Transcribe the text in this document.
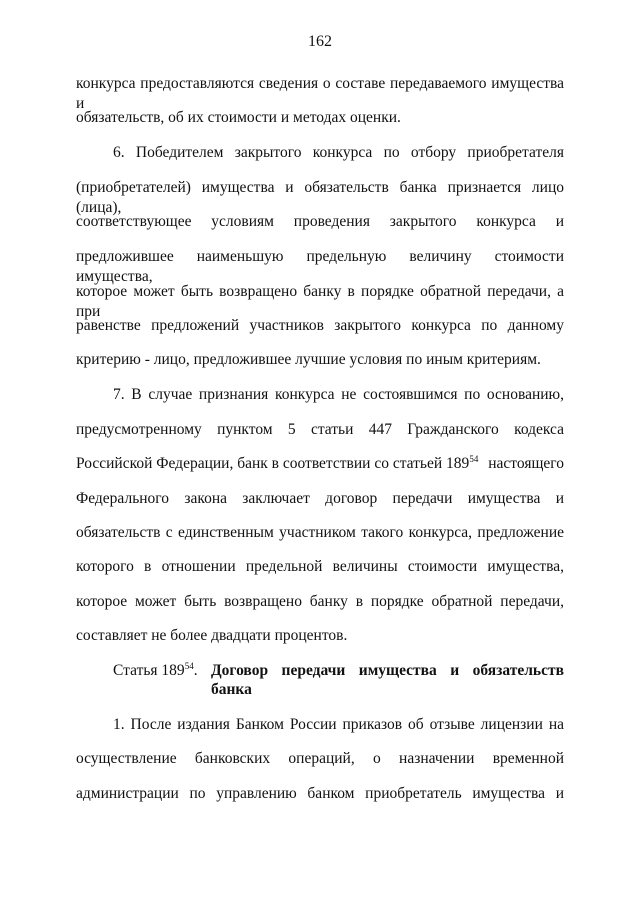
162
конкурса предоставляются сведения о составе передаваемого имущества и
обязательств, об их стоимости и методах оценки.
6. Победителем закрытого конкурса по отбору приобретателя
(приобретателей) имущества и обязательств банка признается лицо (лица),
соответствующее условиям проведения закрытого конкурса и
предложившее наименьшую предельную величину стоимости имущества,
которое может быть возвращено банку в порядке обратной передачи, а при
равенстве предложений участников закрытого конкурса по данному
критерию - лицо, предложившее лучшие условия по иным критериям.
7. В случае признания конкурса не состоявшимся по основанию,
предусмотренному пунктом 5 статьи 447 Гражданского кодекса
Российской Федерации, банк в соответствии со статьей $189^{54}$ настоящего
Федерального закона заключает договор передачи имущества и
обязательств с единственным участником такого конкурса, предложение
которого в отношении предельной величины стоимости имущества,
которое может быть возвращено банку в порядке обратной передачи,
составляет не более двадцати процентов.
Статья $189^{54}$. Договор передачи имущества и обязательств
банка
1. После издания Банком России приказов об отзыве лицензии на
осуществление банковских операций, о назначении временной
администрации по управлению банком приобретатель имущества и
